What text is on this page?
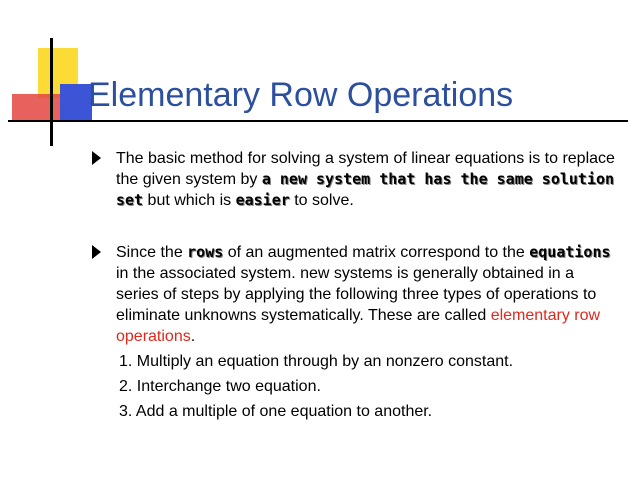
Elementary Row Operations
The basic method for solving a system of linear equations is to replace the given system by a new system that has the same solution set but which is easier to solve.
Since the rows of an augmented matrix correspond to the equations in the associated system. new systems is generally obtained in a series of steps by applying the following three types of operations to eliminate unknowns systematically. These are called elementary row operations.
1. Multiply an equation through by an nonzero constant.
2. Interchange two equation.
3. Add a multiple of one equation to another.
